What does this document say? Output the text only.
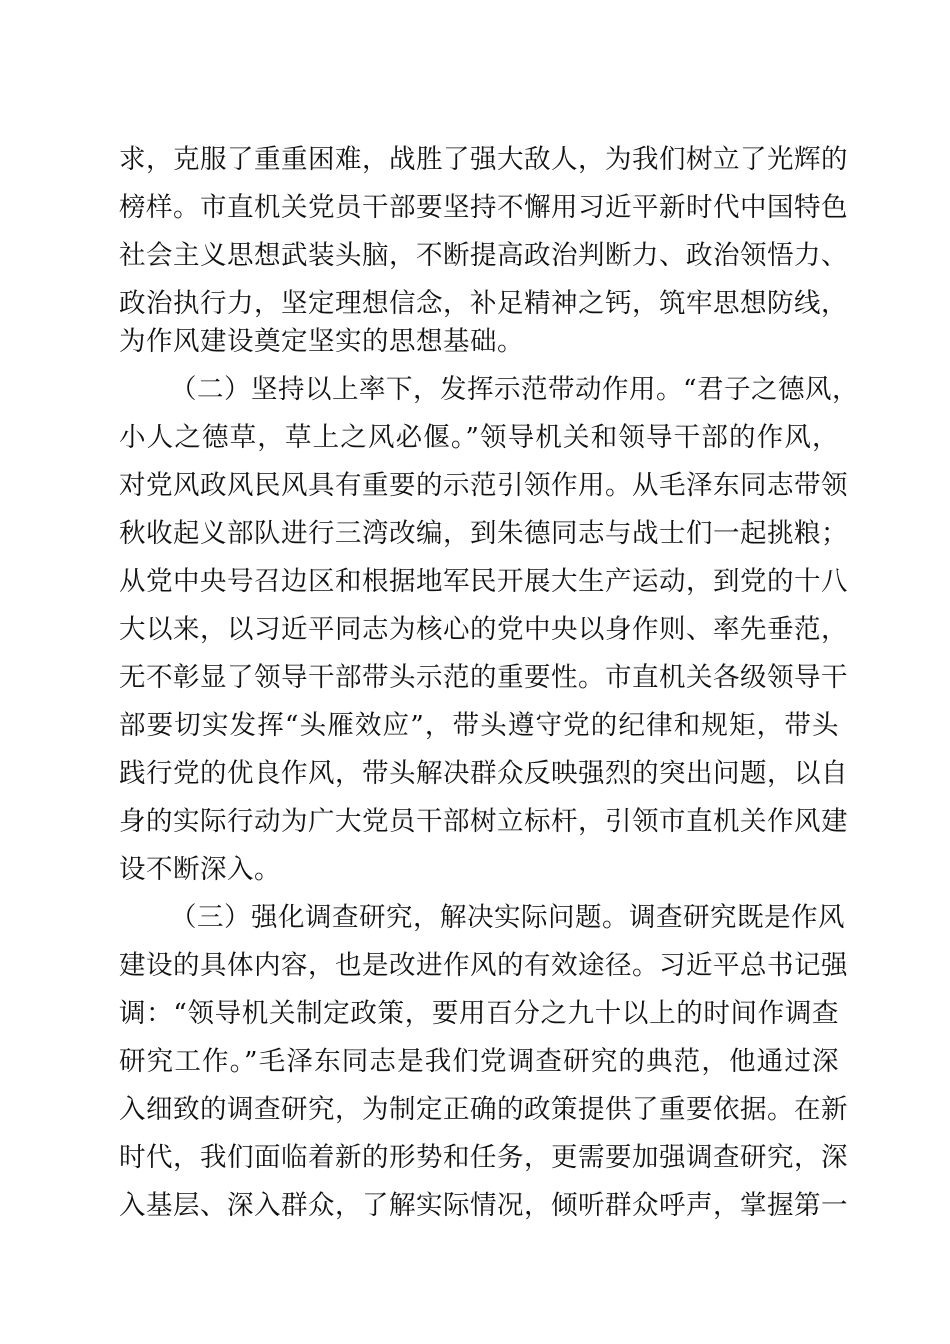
求，克服了重重困难，战胜了强大敌人，为我们树立了光辉的
榜样。市直机关党员干部要坚持不懈用习近平新时代中国特色
社会主义思想武装头脑，不断提高政治判断力、政治领悟力、
政治执行力，坚定理想信念，补足精神之钙，筑牢思想防线，
为作风建设奠定坚实的思想基础。
（二）坚持以上率下，发挥示范带动作用。“君子之德风，
小人之德草，草上之风必偃。”领导机关和领导干部的作风，
对党风政风民风具有重要的示范引领作用。从毛泽东同志带领
秋收起义部队进行三湾改编，到朱德同志与战士们一起挑粮；
从党中央号召边区和根据地军民开展大生产运动，到党的十八
大以来，以习近平同志为核心的党中央以身作则、率先垂范，
无不彰显了领导干部带头示范的重要性。市直机关各级领导干
部要切实发挥“头雁效应”，带头遵守党的纪律和规矩，带头
践行党的优良作风，带头解决群众反映强烈的突出问题，以自
身的实际行动为广大党员干部树立标杆，引领市直机关作风建
设不断深入。
（三）强化调查研究，解决实际问题。调查研究既是作风
建设的具体内容，也是改进作风的有效途径。习近平总书记强
调：“领导机关制定政策，要用百分之九十以上的时间作调查
研究工作。”毛泽东同志是我们党调查研究的典范，他通过深
入细致的调查研究，为制定正确的政策提供了重要依据。在新
时代，我们面临着新的形势和任务，更需要加强调查研究，深
入基层、深入群众，了解实际情况，倾听群众呼声，掌握第一
